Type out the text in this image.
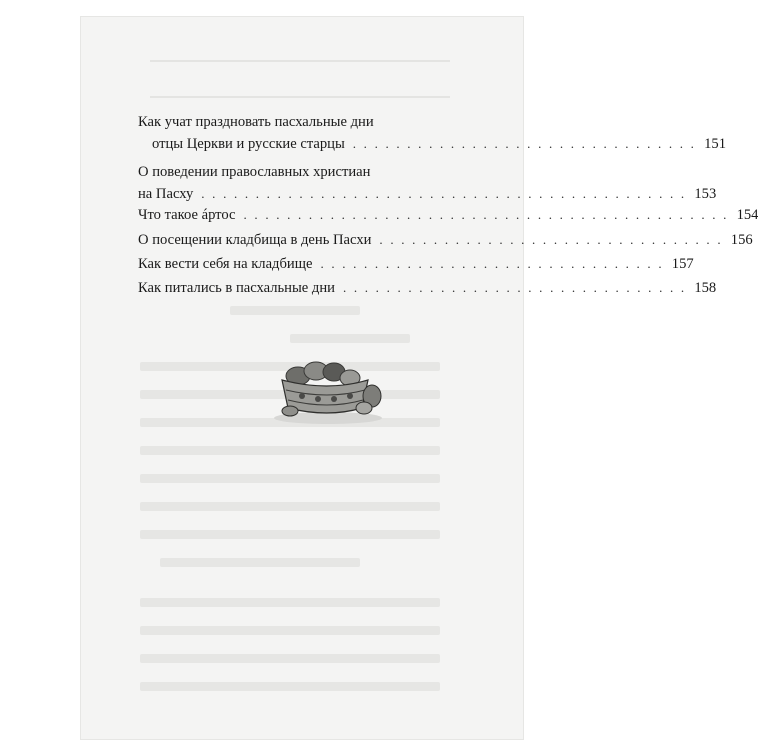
Как учат праздновать пасхальные дни
отцы Церкви и русские старцы . . . . . . . . . . . . . . . . . . . . . . . . . . . . . . . . 151
О поведении православных христиан
на Пасху . . . . . . . . . . . . . . . . . . . . . . . . . . . . . . . . . . . . . . . . . . . . . 153
Что такое áртос . . . . . . . . . . . . . . . . . . . . . . . . . . . . . . . . . . . . . . . . . . . . . 154
О посещении кладбища в день Пасхи . . . . . . . . . . . . . . . . . . . . . . . . . . . . . . . . 156
Как вести себя на кладбище . . . . . . . . . . . . . . . . . . . . . . . . . . . . . . . . 157
Как питались в пасхальные дни . . . . . . . . . . . . . . . . . . . . . . . . . . . . . . . . 158
